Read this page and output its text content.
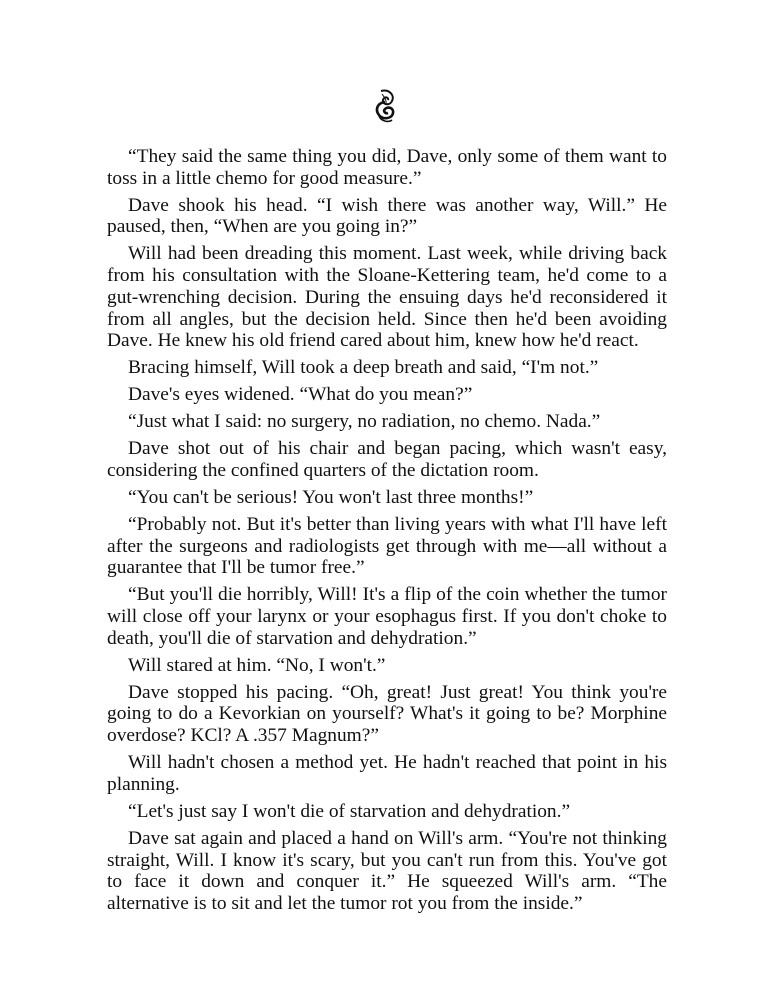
“They said the same thing you did, Dave, only some of them want to toss in a little chemo for good measure.”

Dave shook his head. “I wish there was another way, Will.” He paused, then, “When are you going in?”

Will had been dreading this moment. Last week, while driving back from his consultation with the Sloane-Kettering team, he'd come to a gut-wrenching decision. During the ensuing days he'd reconsidered it from all angles, but the decision held. Since then he'd been avoiding Dave. He knew his old friend cared about him, knew how he'd react.

Bracing himself, Will took a deep breath and said, “I'm not.”

Dave's eyes widened. “What do you mean?”

“Just what I said: no surgery, no radiation, no chemo. Nada.”

Dave shot out of his chair and began pacing, which wasn't easy, considering the confined quarters of the dictation room.

“You can't be serious! You won't last three months!”

“Probably not. But it's better than living years with what I'll have left after the surgeons and radiologists get through with me—all without a guarantee that I'll be tumor free.”

“But you'll die horribly, Will! It's a flip of the coin whether the tumor will close off your larynx or your esophagus first. If you don't choke to death, you'll die of starvation and dehydration.”

Will stared at him. “No, I won't.”

Dave stopped his pacing. “Oh, great! Just great! You think you're going to do a Kevorkian on yourself? What's it going to be? Morphine overdose? KCl? A .357 Magnum?”

Will hadn't chosen a method yet. He hadn't reached that point in his planning.

“Let's just say I won't die of starvation and dehydration.”

Dave sat again and placed a hand on Will's arm. “You're not thinking straight, Will. I know it's scary, but you can't run from this. You've got to face it down and conquer it.” He squeezed Will's arm. “The alternative is to sit and let the tumor rot you from the inside.”
